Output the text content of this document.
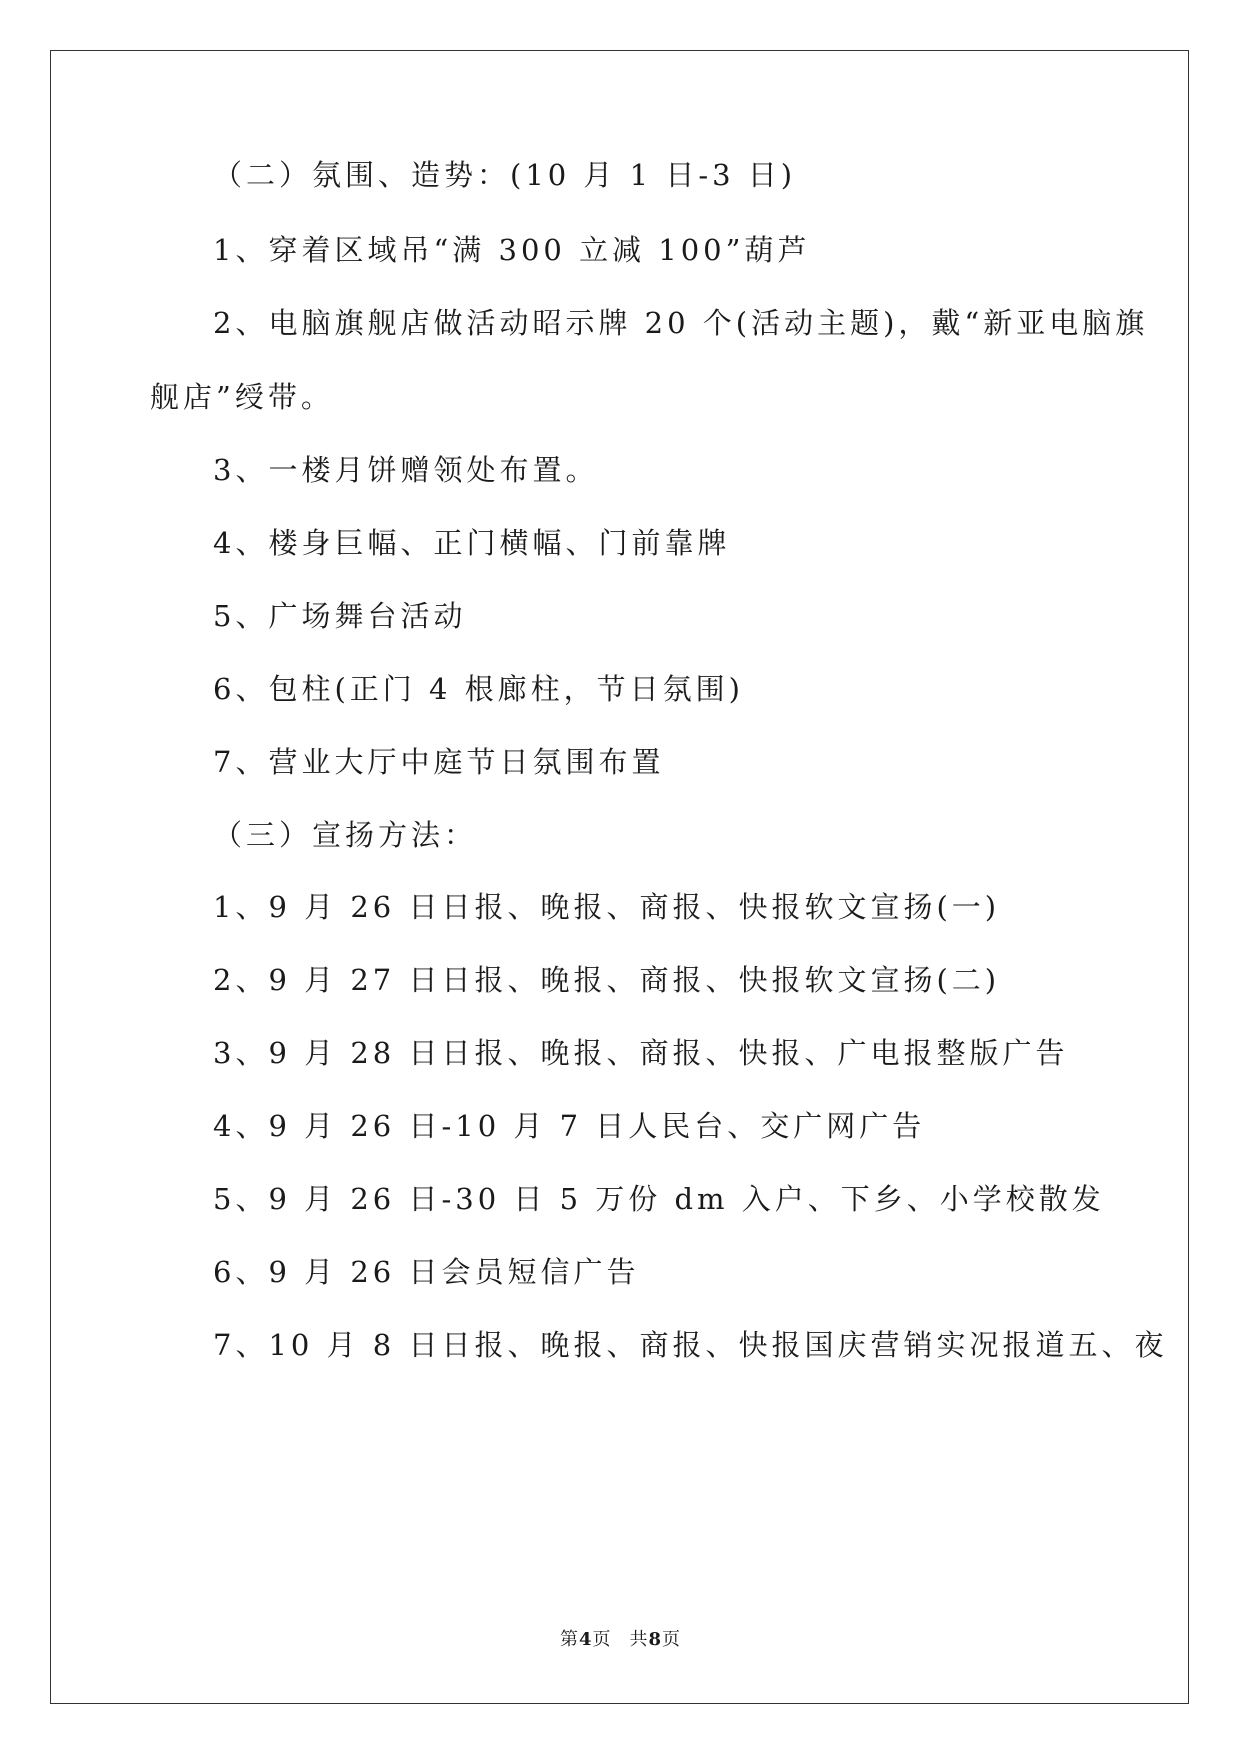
（二）氛围、造势：(10 月 1 日-3 日)
1、穿着区域吊“满 300 立减 100”葫芦
2、电脑旗舰店做活动昭示牌 20 个(活动主题)，戴“新亚电脑旗
舰店”绶带。
3、一楼月饼赠领处布置。
4、楼身巨幅、正门横幅、门前靠牌
5、广场舞台活动
6、包柱(正门 4 根廊柱，节日氛围)
7、营业大厅中庭节日氛围布置
（三）宣扬方法：
1、9 月 26 日日报、晚报、商报、快报软文宣扬(一)
2、9 月 27 日日报、晚报、商报、快报软文宣扬(二)
3、9 月 28 日日报、晚报、商报、快报、广电报整版广告
4、9 月 26 日-10 月 7 日人民台、交广网广告
5、9 月 26 日-30 日 5 万份 dm 入户、下乡、小学校散发
6、9 月 26 日会员短信广告
7、10 月 8 日日报、晚报、商报、快报国庆营销实况报道五、夜
第4页 共8页
